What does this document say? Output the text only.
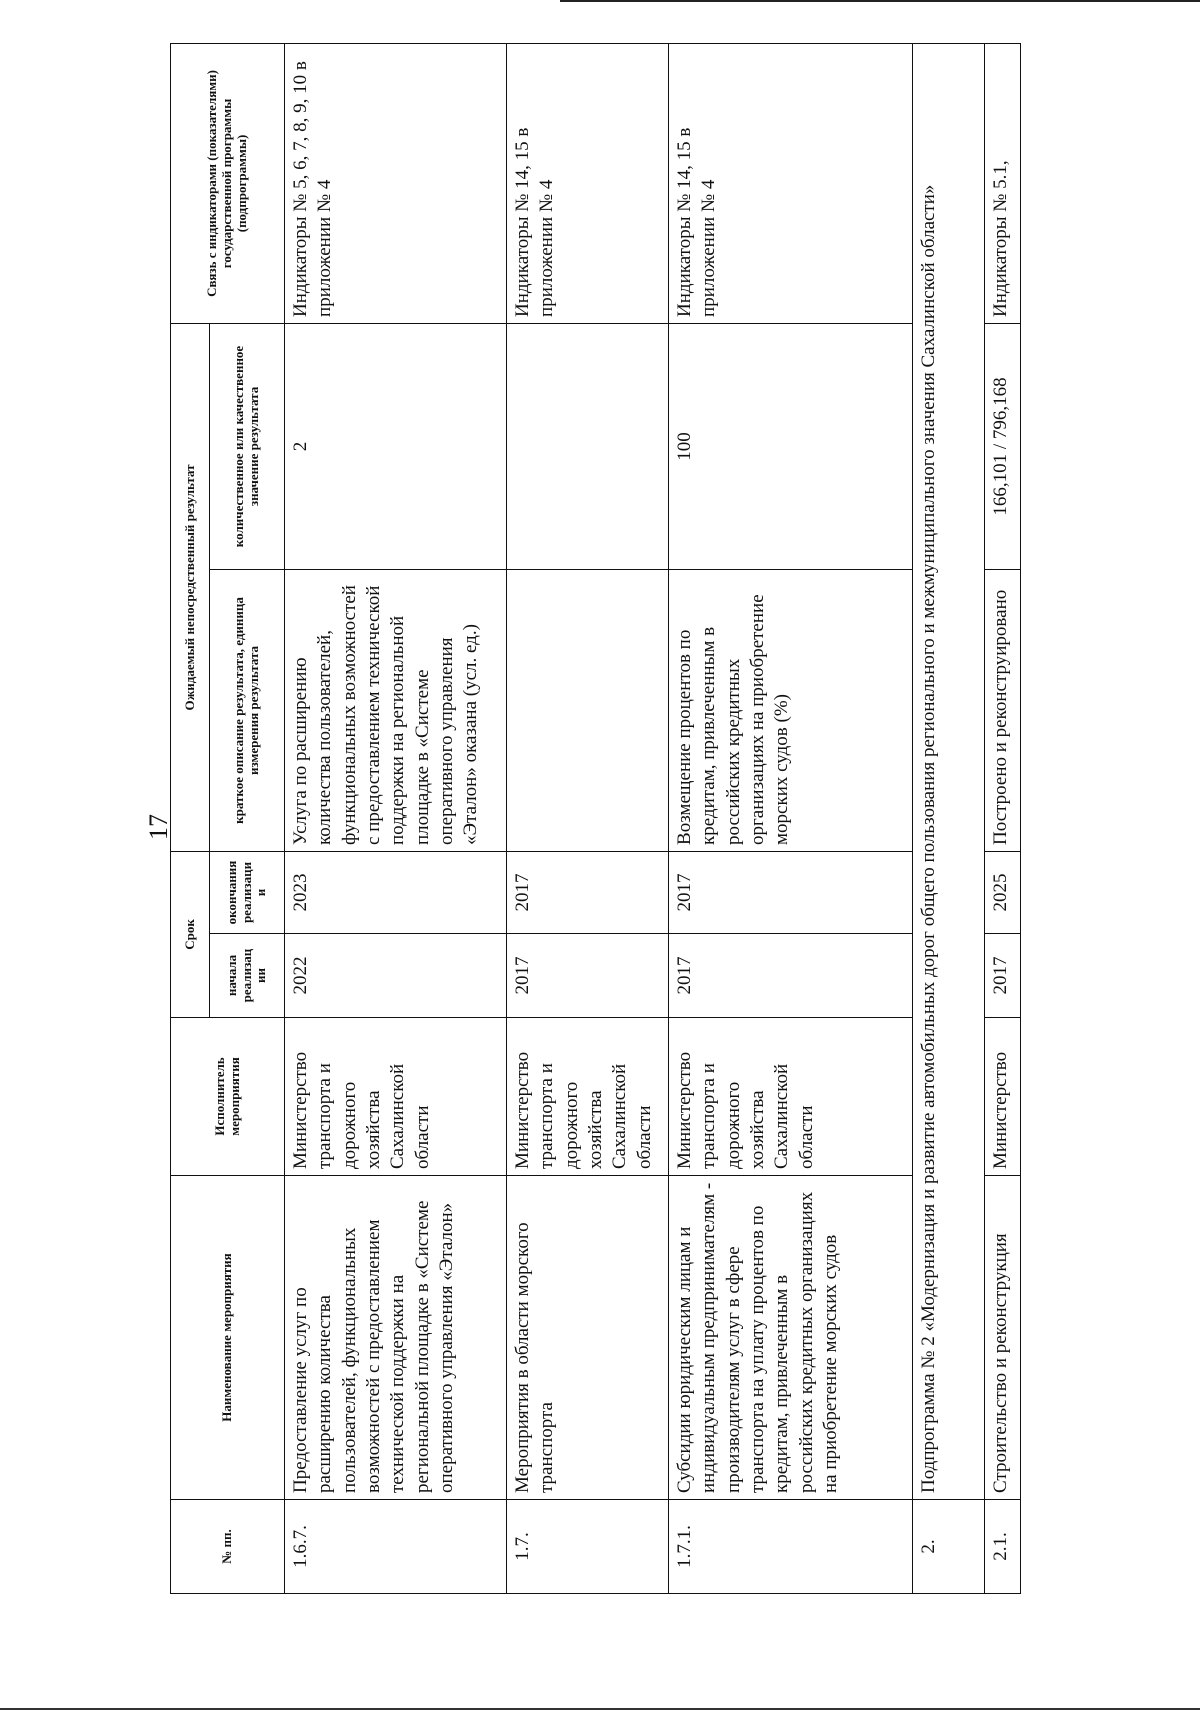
17
№ пп.	Наименование мероприятия	Исполнитель мероприятия	Срок		Ожидаемый непосредственный результат		Связь с индикаторами (показателями) государственной программы (подпрограммы)
			начала реализац ии	окончания реализаци и	краткое описание результата, единица измерения результата	количественное или качественное значение результата	
1.6.7.	Предоставление услуг по расширению количества пользователей, функциональных возможностей с предоставлением технической поддержки на региональной площадке в «Системе оперативного управления «Эталон»	Министерство транспорта и дорожного хозяйства Сахалинской области	2022	2023	Услуга по расширению количества пользователей, функциональных возможностей с предоставлением технической поддержки на региональной площадке в «Системе оперативного управления «Эталон» оказана (усл. ед.)	2	Индикаторы № 5, 6, 7, 8, 9, 10 в приложении № 4
1.7.	Мероприятия в области морского транспорта	Министерство транспорта и дорожного хозяйства Сахалинской области	2017	2017			Индикаторы № 14, 15 в приложении № 4
1.7.1.	Субсидии юридическим лицам и индивидуальным предпринимателям - производителям услуг в сфере транспорта на уплату процентов по кредитам, привлеченным в российских кредитных организациях на приобретение морских судов	Министерство транспорта и дорожного хозяйства Сахалинской области	2017	2017	Возмещение процентов по кредитам, привлеченным в российских кредитных организациях на приобретение морских судов (%)	100	Индикаторы № 14, 15 в приложении № 4
2.	Подпрограмма № 2 «Модернизация и развитие автомобильных дорог общего пользования регионального и межмуниципального значения Сахалинской области»						
2.1.	Строительство и реконструкция	Министерство	2017	2025	Построено и реконструировано	166,101 / 796,168	Индикаторы № 5.1,
